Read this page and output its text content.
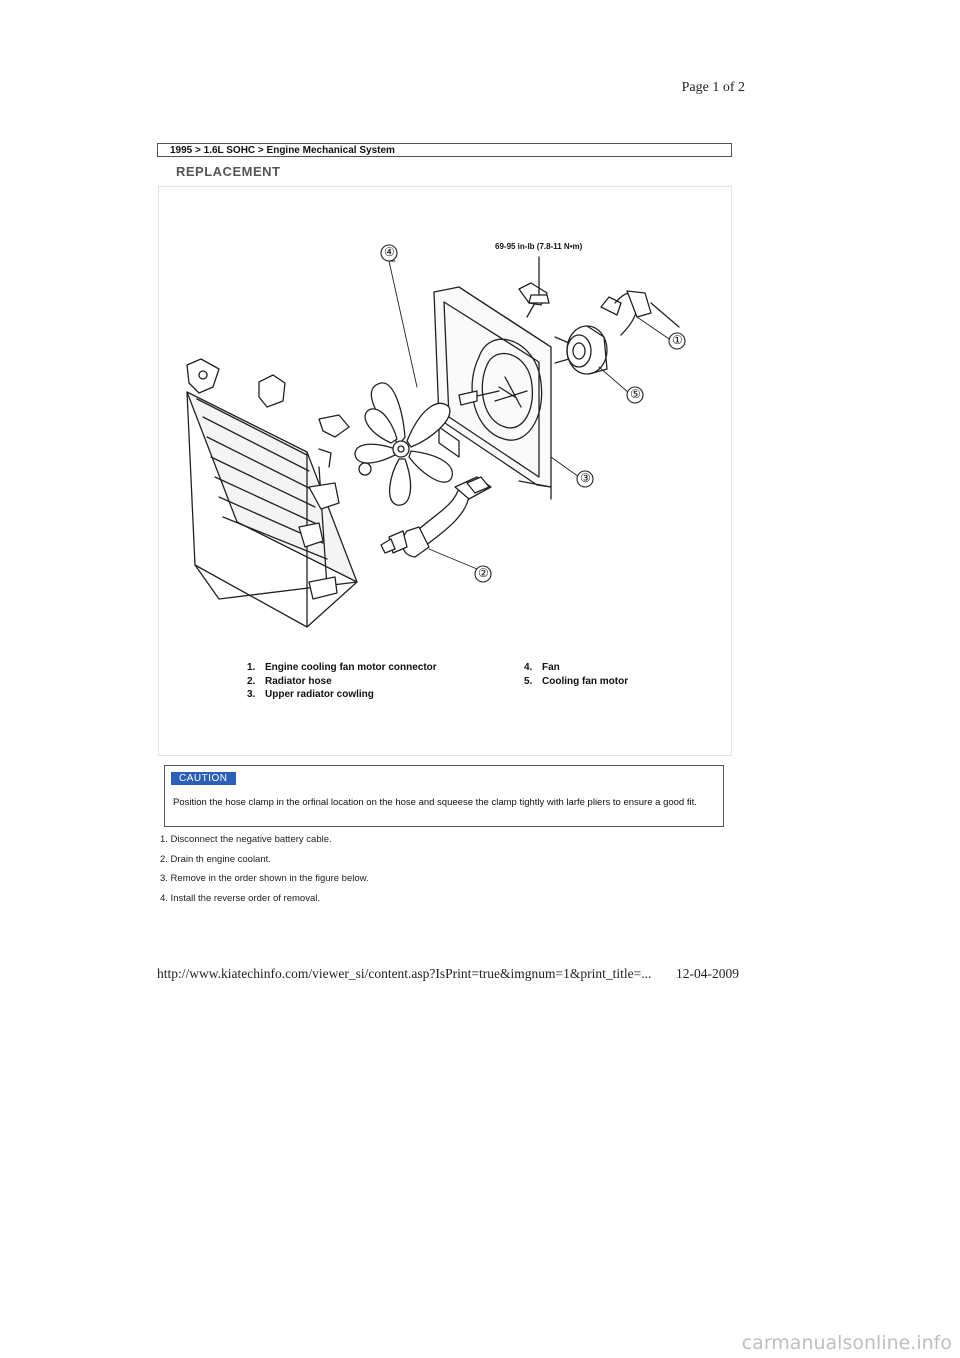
Page 1 of 2
1995 > 1.6L SOHC > Engine Mechanical System
REPLACEMENT
69-95 in-lb (7.8-11 N•m)
④
①
⑤
③
②
1. Engine cooling fan motor connector
2. Radiator hose
3. Upper radiator cowling
4. Fan
5. Cooling fan motor
CAUTION
Position the hose clamp in the orfinal location on the hose and squeese the clamp tightly with larfe pliers to ensure a good fit.
1. Disconnect the negative battery cable.
2. Drain th engine coolant.
3. Remove in the order shown in the figure below.
4. Install the reverse order of removal.
http://www.kiatechinfo.com/viewer_si/content.asp?IsPrint=true&imgnum=1&print_title=... 12-04-2009
carmanualsonline.info
